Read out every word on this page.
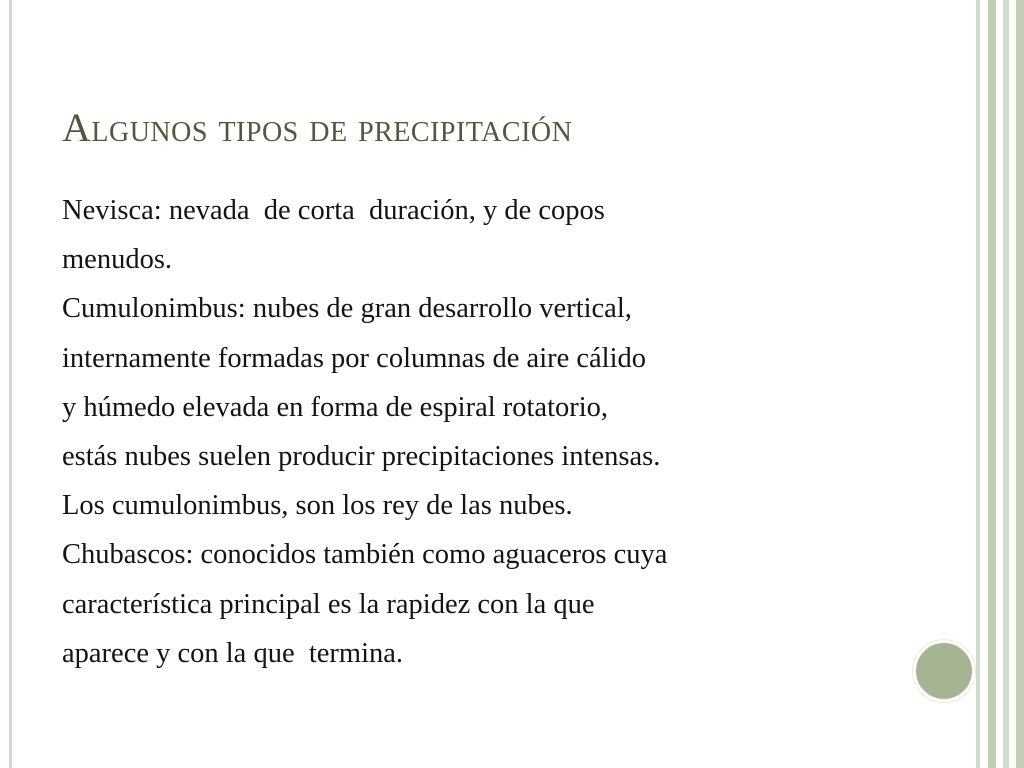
Algunos tipos de precipitación
Nevisca: nevada  de corta  duración, y de copos
menudos.
Cumulonimbus: nubes de gran desarrollo vertical,
internamente formadas por columnas de aire cálido
y húmedo elevada en forma de espiral rotatorio,
estás nubes suelen producir precipitaciones intensas.
Los cumulonimbus, son los rey de las nubes.
Chubascos: conocidos también como aguaceros cuya
característica principal es la rapidez con la que
aparece y con la que  termina.
